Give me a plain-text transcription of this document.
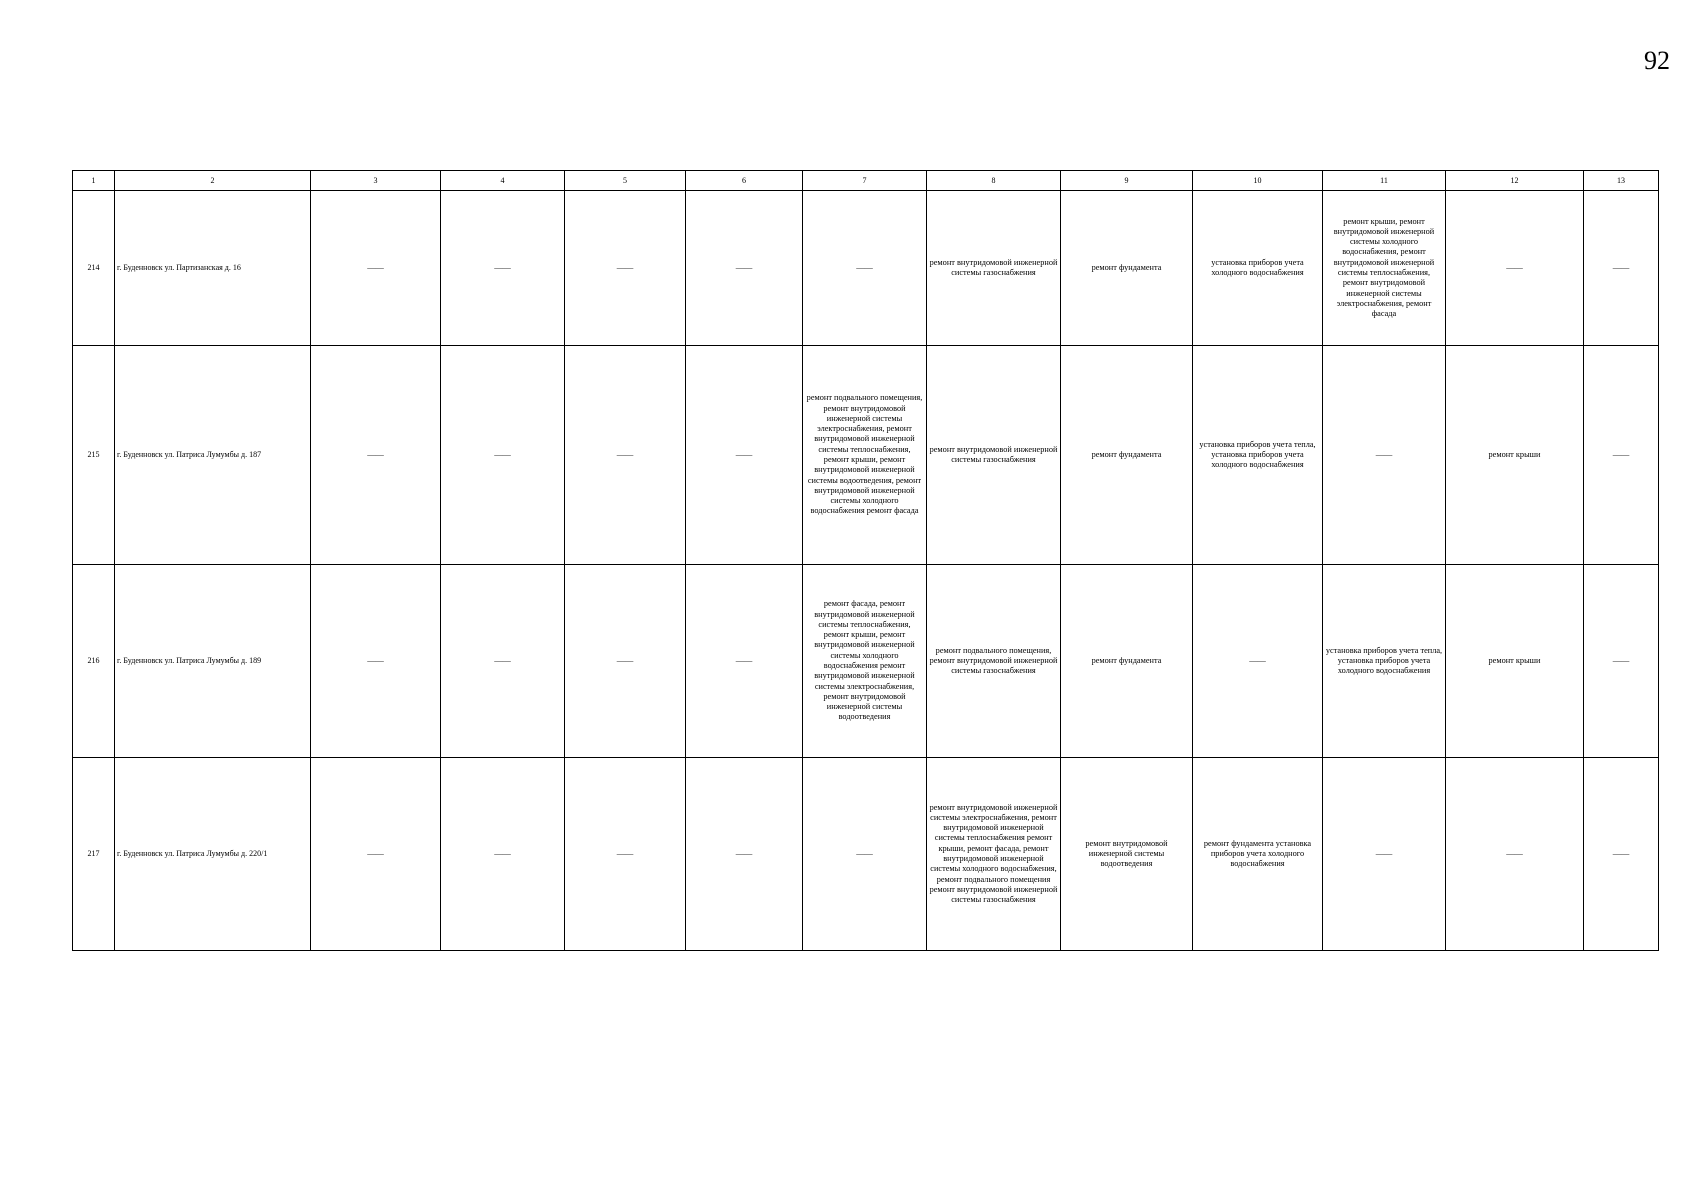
92
1	2	3	4	5	6	7	8	9	10	11	12	13
214	г. Буденновск ул. Партизанская д. 16	——	——	——	——	——	ремонт внутридомовой инженерной системы газоснабжения	ремонт фундамента	установка приборов учета холодного водоснабжения	ремонт крыши, ремонт внутридомовой инженерной системы холодного водоснабжения, ремонт внутридомовой инженерной системы теплоснабжения, ремонт внутридомовой инженерной системы электроснабжения, ремонт фасада	——	——
215	г. Буденновск ул. Патриса Лумумбы д. 187	——	——	——	——	ремонт подвального помещения, ремонт внутридомовой инженерной системы электроснабжения, ремонт внутридомовой инженерной системы теплоснабжения, ремонт крыши, ремонт внутридомовой инженерной системы водоотведения, ремонт внутридомовой инженерной системы холодного водоснабжения ремонт фасада	ремонт внутридомовой инженерной системы газоснабжения	ремонт фундамента	установка приборов учета тепла, установка приборов учета холодного водоснабжения	——	ремонт крыши	——
216	г. Буденновск ул. Патриса Лумумбы д. 189	——	——	——	——	ремонт фасада, ремонт внутридомовой инженерной системы теплоснабжения, ремонт крыши, ремонт внутридомовой инженерной системы холодного водоснабжения ремонт внутридомовой инженерной системы электроснабжения, ремонт внутридомовой инженерной системы водоотведения	ремонт подвального помещения, ремонт внутридомовой инженерной системы газоснабжения	ремонт фундамента	——	установка приборов учета тепла, установка приборов учета холодного водоснабжения	ремонт крыши	——
217	г. Буденновск ул. Патриса Лумумбы д. 220/1	——	——	——	——	——	ремонт внутридомовой инженерной системы электроснабжения, ремонт внутридомовой инженерной системы теплоснабжения ремонт крыши, ремонт фасада, ремонт внутридомовой инженерной системы холодного водоснабжения, ремонт подвального помещения ремонт внутридомовой инженерной системы газоснабжения	ремонт внутридомовой инженерной системы водоотведения	ремонт фундамента установка приборов учета холодного водоснабжения	——	——	——
